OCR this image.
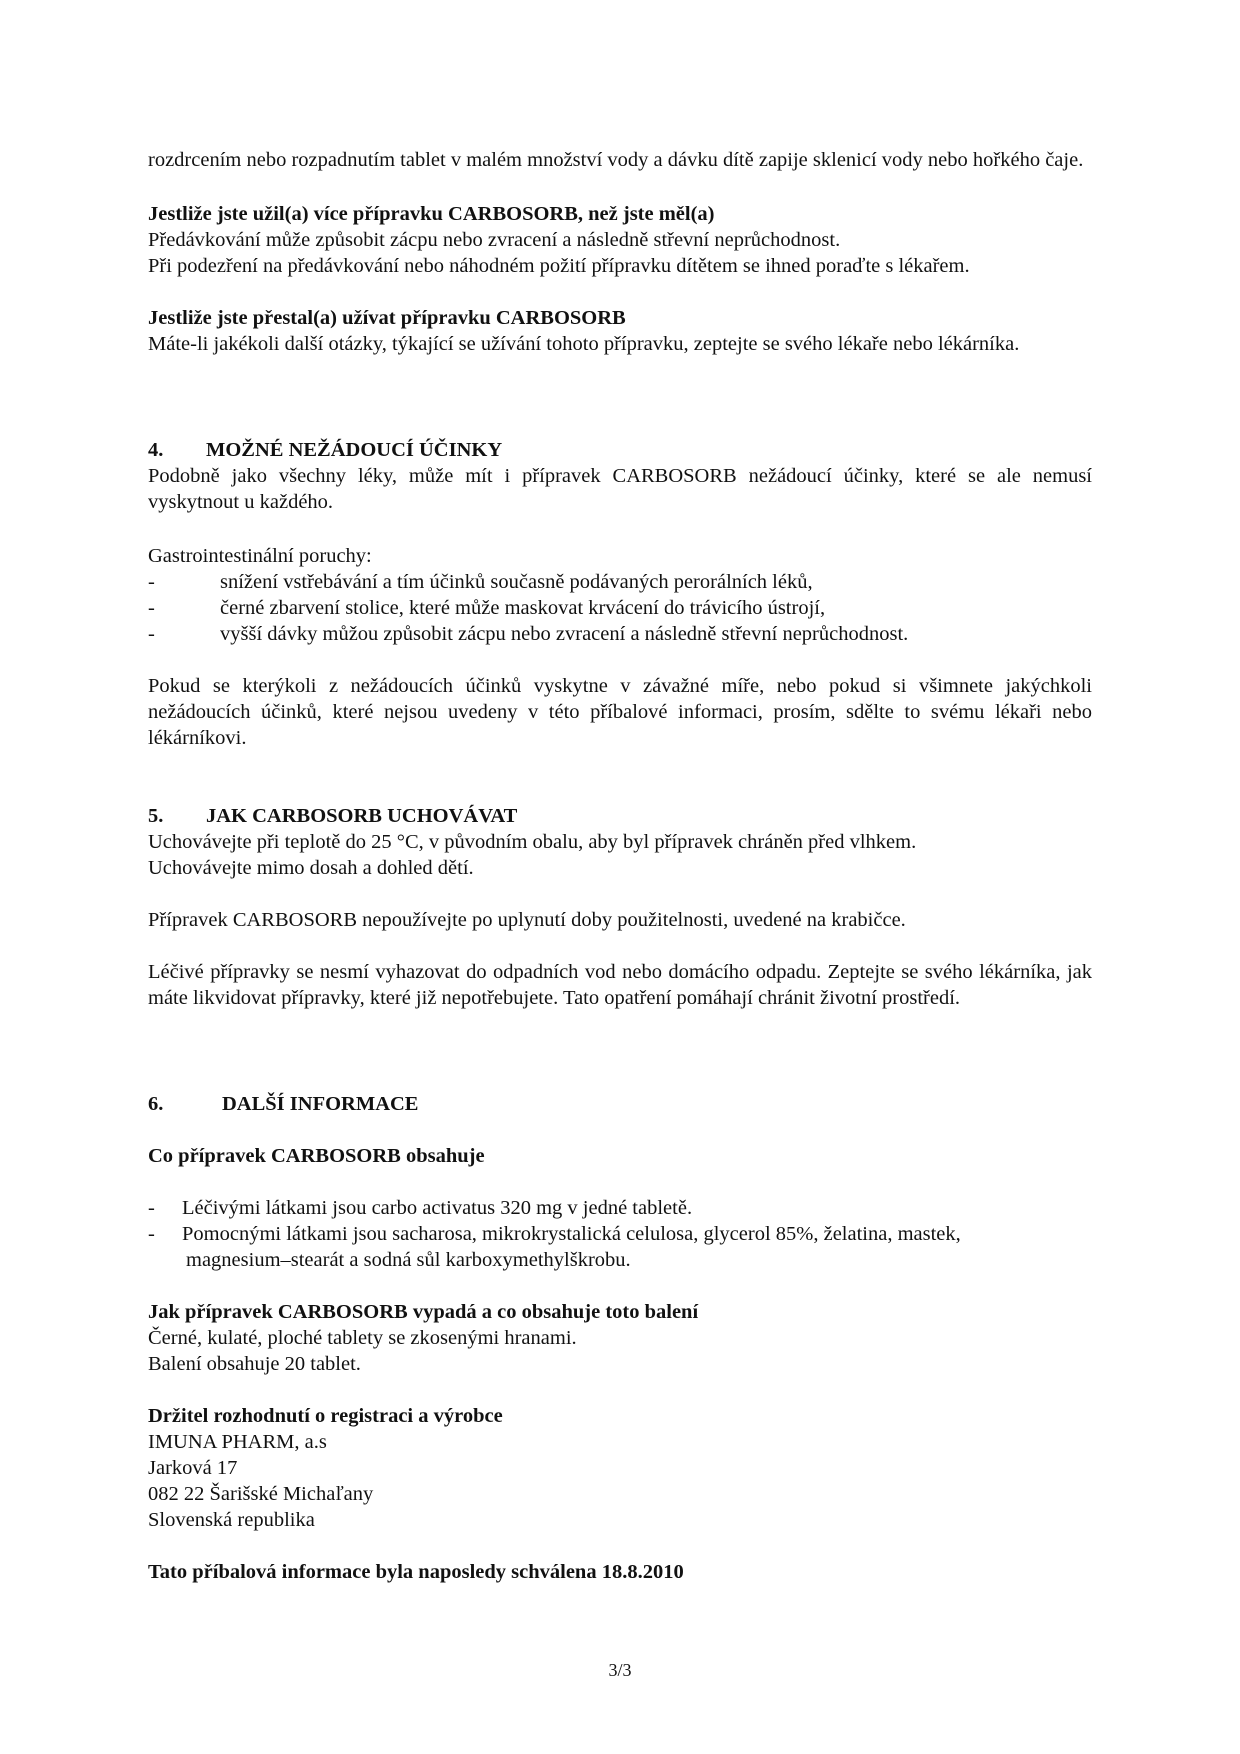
rozdrcením nebo rozpadnutím tablet v malém množství vody a dávku dítě zapije sklenicí vody nebo hořkého čaje.

Jestliže jste užil(a) více přípravku CARBOSORB, než jste měl(a)

Předávkování může způsobit zácpu nebo zvracení a následně střevní neprůchodnost.

Při podezření na předávkování nebo náhodném požití přípravku dítětem se ihned poraďte s lékařem.

Jestliže jste přestal(a) užívat přípravku CARBOSORB

Máte-li jakékoli další otázky, týkající se užívání tohoto přípravku, zeptejte se svého lékaře nebo lékárníka.

4. MOŽNÉ NEŽÁDOUCÍ ÚČINKY

Podobně jako všechny léky, může mít i přípravek CARBOSORB nežádoucí účinky, které se ale nemusí vyskytnout u každého.

Gastrointestinální poruchy:

-	snížení vstřebávání a tím účinků současně podávaných perorálních léků,
-	černé zbarvení stolice, které může maskovat krvácení do trávicího ústrojí,
-	vyšší dávky můžou způsobit zácpu nebo zvracení a následně střevní neprůchodnost.

Pokud se kterýkoli z nežádoucích účinků vyskytne v závažné míře, nebo pokud si všimnete jakýchkoli nežádoucích účinků, které nejsou uvedeny v této příbalové informaci, prosím, sdělte to svému lékaři nebo lékárníkovi.

5. JAK CARBOSORB UCHOVÁVAT

Uchovávejte při teplotě do 25 °C, v původním obalu, aby byl přípravek chráněn před vlhkem.

Uchovávejte mimo dosah a dohled dětí.

Přípravek CARBOSORB nepoužívejte po uplynutí doby použitelnosti, uvedené na krabičce.

Léčivé přípravky se nesmí vyhazovat do odpadních vod nebo domácího odpadu. Zeptejte se svého lékárníka, jak máte likvidovat přípravky, které již nepotřebujete. Tato opatření pomáhají chránit životní prostředí.

6.	DALŠÍ INFORMACE

Co přípravek CARBOSORB obsahuje

- Léčivými látkami jsou carbo activatus 320 mg v jedné tabletě.
- Pomocnými látkami jsou sacharosa, mikrokrystalická celulosa, glycerol 85%, želatina, mastek,
magnesium–stearát a sodná sůl karboxymethylškrobu.

Jak přípravek CARBOSORB vypadá a co obsahuje toto balení

Černé, kulaté, ploché tablety se zkosenými hranami.

Balení obsahuje 20 tablet.

Držitel rozhodnutí o registraci a výrobce

IMUNA PHARM, a.s

Jarková 17

082 22 Šarišské Michaľany

Slovenská republika

Tato příbalová informace byla naposledy schválena 18.8.2010

3/3
